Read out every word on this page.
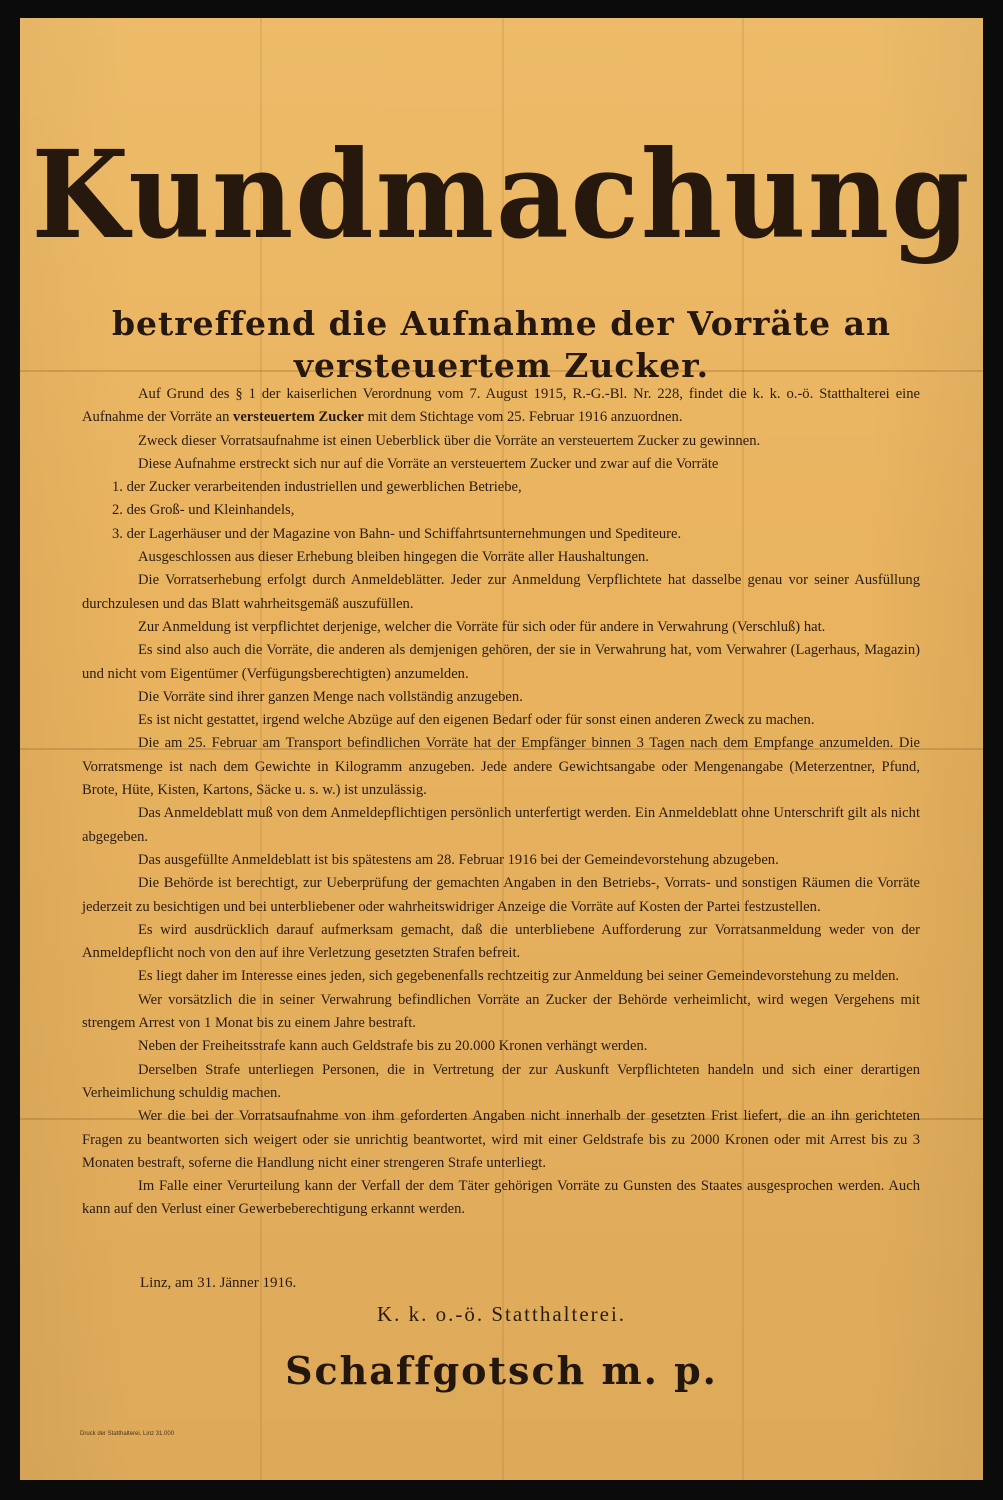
Kundmachung
betreffend die Aufnahme der Vorräte an versteuertem Zucker.

Auf Grund des § 1 der kaiserlichen Verordnung vom 7. August 1915, R.-G.-Bl. Nr. 228, findet die k. k. o.-ö. Statthalterei eine Aufnahme der Vorräte an versteuertem Zucker mit dem Stichtage vom 25. Februar 1916 anzuordnen.

Zweck dieser Vorratsaufnahme ist einen Ueberblick über die Vorräte an versteuertem Zucker zu gewinnen.

Diese Aufnahme erstreckt sich nur auf die Vorräte an versteuertem Zucker und zwar auf die Vorräte

1. der Zucker verarbeitenden industriellen und gewerblichen Betriebe,

2. des Groß- und Kleinhandels,

3. der Lagerhäuser und der Magazine von Bahn- und Schiffahrtsunternehmungen und Spediteure.

Ausgeschlossen aus dieser Erhebung bleiben hingegen die Vorräte aller Haushaltungen.

Die Vorratserhebung erfolgt durch Anmeldeblätter. Jeder zur Anmeldung Verpflichtete hat dasselbe genau vor seiner Ausfüllung durchzulesen und das Blatt wahrheitsgemäß auszufüllen.

Zur Anmeldung ist verpflichtet derjenige, welcher die Vorräte für sich oder für andere in Verwahrung (Verschluß) hat.

Es sind also auch die Vorräte, die anderen als demjenigen gehören, der sie in Verwahrung hat, vom Verwahrer (Lagerhaus, Magazin) und nicht vom Eigentümer (Verfügungsberechtigten) anzumelden.

Die Vorräte sind ihrer ganzen Menge nach vollständig anzugeben.

Es ist nicht gestattet, irgend welche Abzüge auf den eigenen Bedarf oder für sonst einen anderen Zweck zu machen.

Die am 25. Februar am Transport befindlichen Vorräte hat der Empfänger binnen 3 Tagen nach dem Empfange anzumelden. Die Vorratsmenge ist nach dem Gewichte in Kilogramm anzugeben. Jede andere Gewichtsangabe oder Mengenangabe (Meterzentner, Pfund, Brote, Hüte, Kisten, Kartons, Säcke u. s. w.) ist unzulässig.

Das Anmeldeblatt muß von dem Anmeldepflichtigen persönlich unterfertigt werden. Ein Anmeldeblatt ohne Unterschrift gilt als nicht abgegeben.

Das ausgefüllte Anmeldeblatt ist bis spätestens am 28. Februar 1916 bei der Gemeindevorstehung abzugeben.

Die Behörde ist berechtigt, zur Ueberprüfung der gemachten Angaben in den Betriebs-, Vorrats- und sonstigen Räumen die Vorräte jederzeit zu besichtigen und bei unterbliebener oder wahrheitswidriger Anzeige die Vorräte auf Kosten der Partei festzustellen.

Es wird ausdrücklich darauf aufmerksam gemacht, daß die unterbliebene Aufforderung zur Vorratsanmeldung weder von der Anmeldepflicht noch von den auf ihre Verletzung gesetzten Strafen befreit.

Es liegt daher im Interesse eines jeden, sich gegebenenfalls rechtzeitig zur Anmeldung bei seiner Gemeindevorstehung zu melden.

Wer vorsätzlich die in seiner Verwahrung befindlichen Vorräte an Zucker der Behörde verheimlicht, wird wegen Vergehens mit strengem Arrest von 1 Monat bis zu einem Jahre bestraft.

Neben der Freiheitsstrafe kann auch Geldstrafe bis zu 20.000 Kronen verhängt werden.

Derselben Strafe unterliegen Personen, die in Vertretung der zur Auskunft Verpflichteten handeln und sich einer derartigen Verheimlichung schuldig machen.

Wer die bei der Vorratsaufnahme von ihm geforderten Angaben nicht innerhalb der gesetzten Frist liefert, die an ihn gerichteten Fragen zu beantworten sich weigert oder sie unrichtig beantwortet, wird mit einer Geldstrafe bis zu 2000 Kronen oder mit Arrest bis zu 3 Monaten bestraft, soferne die Handlung nicht einer strengeren Strafe unterliegt.

Im Falle einer Verurteilung kann der Verfall der dem Täter gehörigen Vorräte zu Gunsten des Staates ausgesprochen werden. Auch kann auf den Verlust einer Gewerbeberechtigung erkannt werden.

Linz, am 31. Jänner 1916.
K. k. o.-ö. Statthalterei.
Schaffgotsch m. p.
Druck der Statthalterei, Linz 31.000
